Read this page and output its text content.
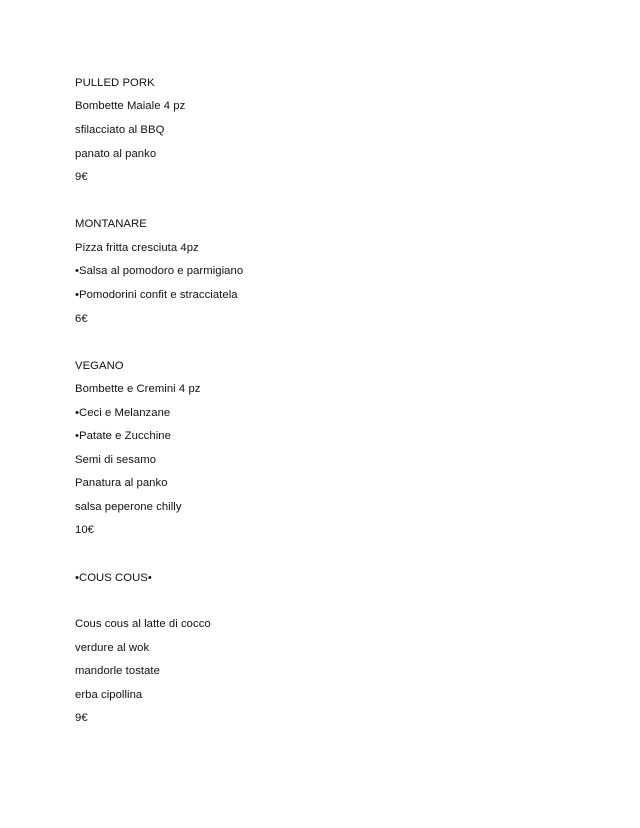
PULLED PORK
Bombette Maiale 4 pz
sfilacciato al BBQ
panato al panko
9€
MONTANARE
Pizza fritta cresciuta 4pz
•Salsa al pomodoro e parmigiano
•Pomodorini confit e stracciatela
6€
VEGANO
Bombette e Cremini 4 pz
•Ceci e Melanzane
•Patate e Zucchine
Semi di sesamo
Panatura al panko
salsa peperone chilly
10€
•COUS COUS•
Cous cous al latte di cocco
verdure al wok
mandorle tostate
erba cipollina
9€
